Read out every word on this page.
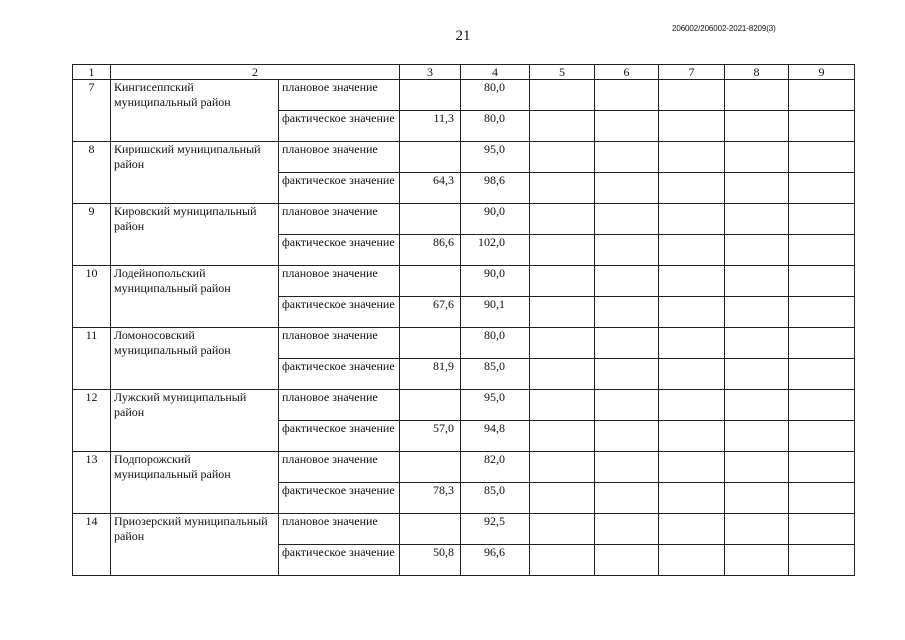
21	206002/206002-2021-8209(3)
1	2		3	4	5	6	7	8	9
7	Кингисеппский муниципальный район	плановое значение		80,0					
		фактическое значение	11,3	80,0					
8	Киришский муниципальный район	плановое значение		95,0					
		фактическое значение	64,3	98,6					
9	Кировский муниципальный район	плановое значение		90,0					
		фактическое значение	86,6	102,0					
10	Лодейнопольский муниципальный район	плановое значение		90,0					
		фактическое значение	67,6	90,1					
11	Ломоносовский муниципальный район	плановое значение		80,0					
		фактическое значение	81,9	85,0					
12	Лужский муниципальный район	плановое значение		95,0					
		фактическое значение	57,0	94,8					
13	Подпорожский муниципальный район	плановое значение		82,0					
		фактическое значение	78,3	85,0					
14	Приозерский муниципальный район	плановое значение		92,5					
		фактическое значение	50,8	96,6					
